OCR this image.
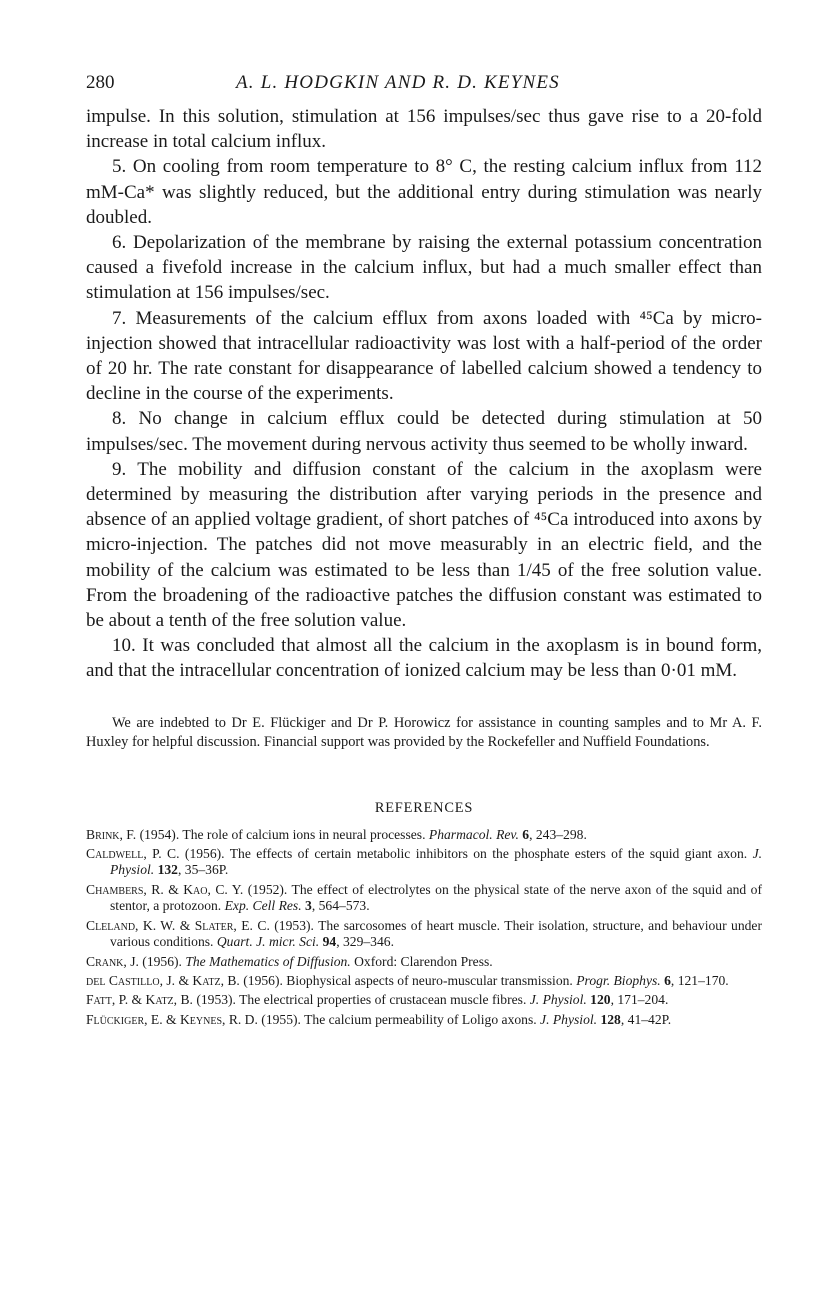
280	A. L. HODGKIN AND R. D. KEYNES

impulse. In this solution, stimulation at 156 impulses/sec thus gave rise to a 20-fold increase in total calcium influx.

5. On cooling from room temperature to 8° C, the resting calcium influx from 112 mM-Ca* was slightly reduced, but the additional entry during stimulation was nearly doubled.

6. Depolarization of the membrane by raising the external potassium concentration caused a fivefold increase in the calcium influx, but had a much smaller effect than stimulation at 156 impulses/sec.

7. Measurements of the calcium efflux from axons loaded with ⁴⁵Ca by micro-injection showed that intracellular radioactivity was lost with a half-period of the order of 20 hr. The rate constant for disappearance of labelled calcium showed a tendency to decline in the course of the experiments.

8. No change in calcium efflux could be detected during stimulation at 50 impulses/sec. The movement during nervous activity thus seemed to be wholly inward.

9. The mobility and diffusion constant of the calcium in the axoplasm were determined by measuring the distribution after varying periods in the presence and absence of an applied voltage gradient, of short patches of ⁴⁵Ca introduced into axons by micro-injection. The patches did not move measurably in an electric field, and the mobility of the calcium was estimated to be less than 1/45 of the free solution value. From the broadening of the radioactive patches the diffusion constant was estimated to be about a tenth of the free solution value.

10. It was concluded that almost all the calcium in the axoplasm is in bound form, and that the intracellular concentration of ionized calcium may be less than 0·01 mM.

We are indebted to Dr E. Flückiger and Dr P. Horowicz for assistance in counting samples and to Mr A. F. Huxley for helpful discussion. Financial support was provided by the Rockefeller and Nuffield Foundations.

REFERENCES

Brink, F. (1954). The role of calcium ions in neural processes. Pharmacol. Rev. 6, 243–298.

Caldwell, P. C. (1956). The effects of certain metabolic inhibitors on the phosphate esters of the squid giant axon. J. Physiol. 132, 35–36P.

Chambers, R. & Kao, C. Y. (1952). The effect of electrolytes on the physical state of the nerve axon of the squid and of stentor, a protozoon. Exp. Cell Res. 3, 564–573.

Cleland, K. W. & Slater, E. C. (1953). The sarcosomes of heart muscle. Their isolation, structure, and behaviour under various conditions. Quart. J. micr. Sci. 94, 329–346.

Crank, J. (1956). The Mathematics of Diffusion. Oxford: Clarendon Press.

del Castillo, J. & Katz, B. (1956). Biophysical aspects of neuro-muscular transmission. Progr. Biophys. 6, 121–170.

Fatt, P. & Katz, B. (1953). The electrical properties of crustacean muscle fibres. J. Physiol. 120, 171–204.

Flückiger, E. & Keynes, R. D. (1955). The calcium permeability of Loligo axons. J. Physiol. 128, 41–42P.
